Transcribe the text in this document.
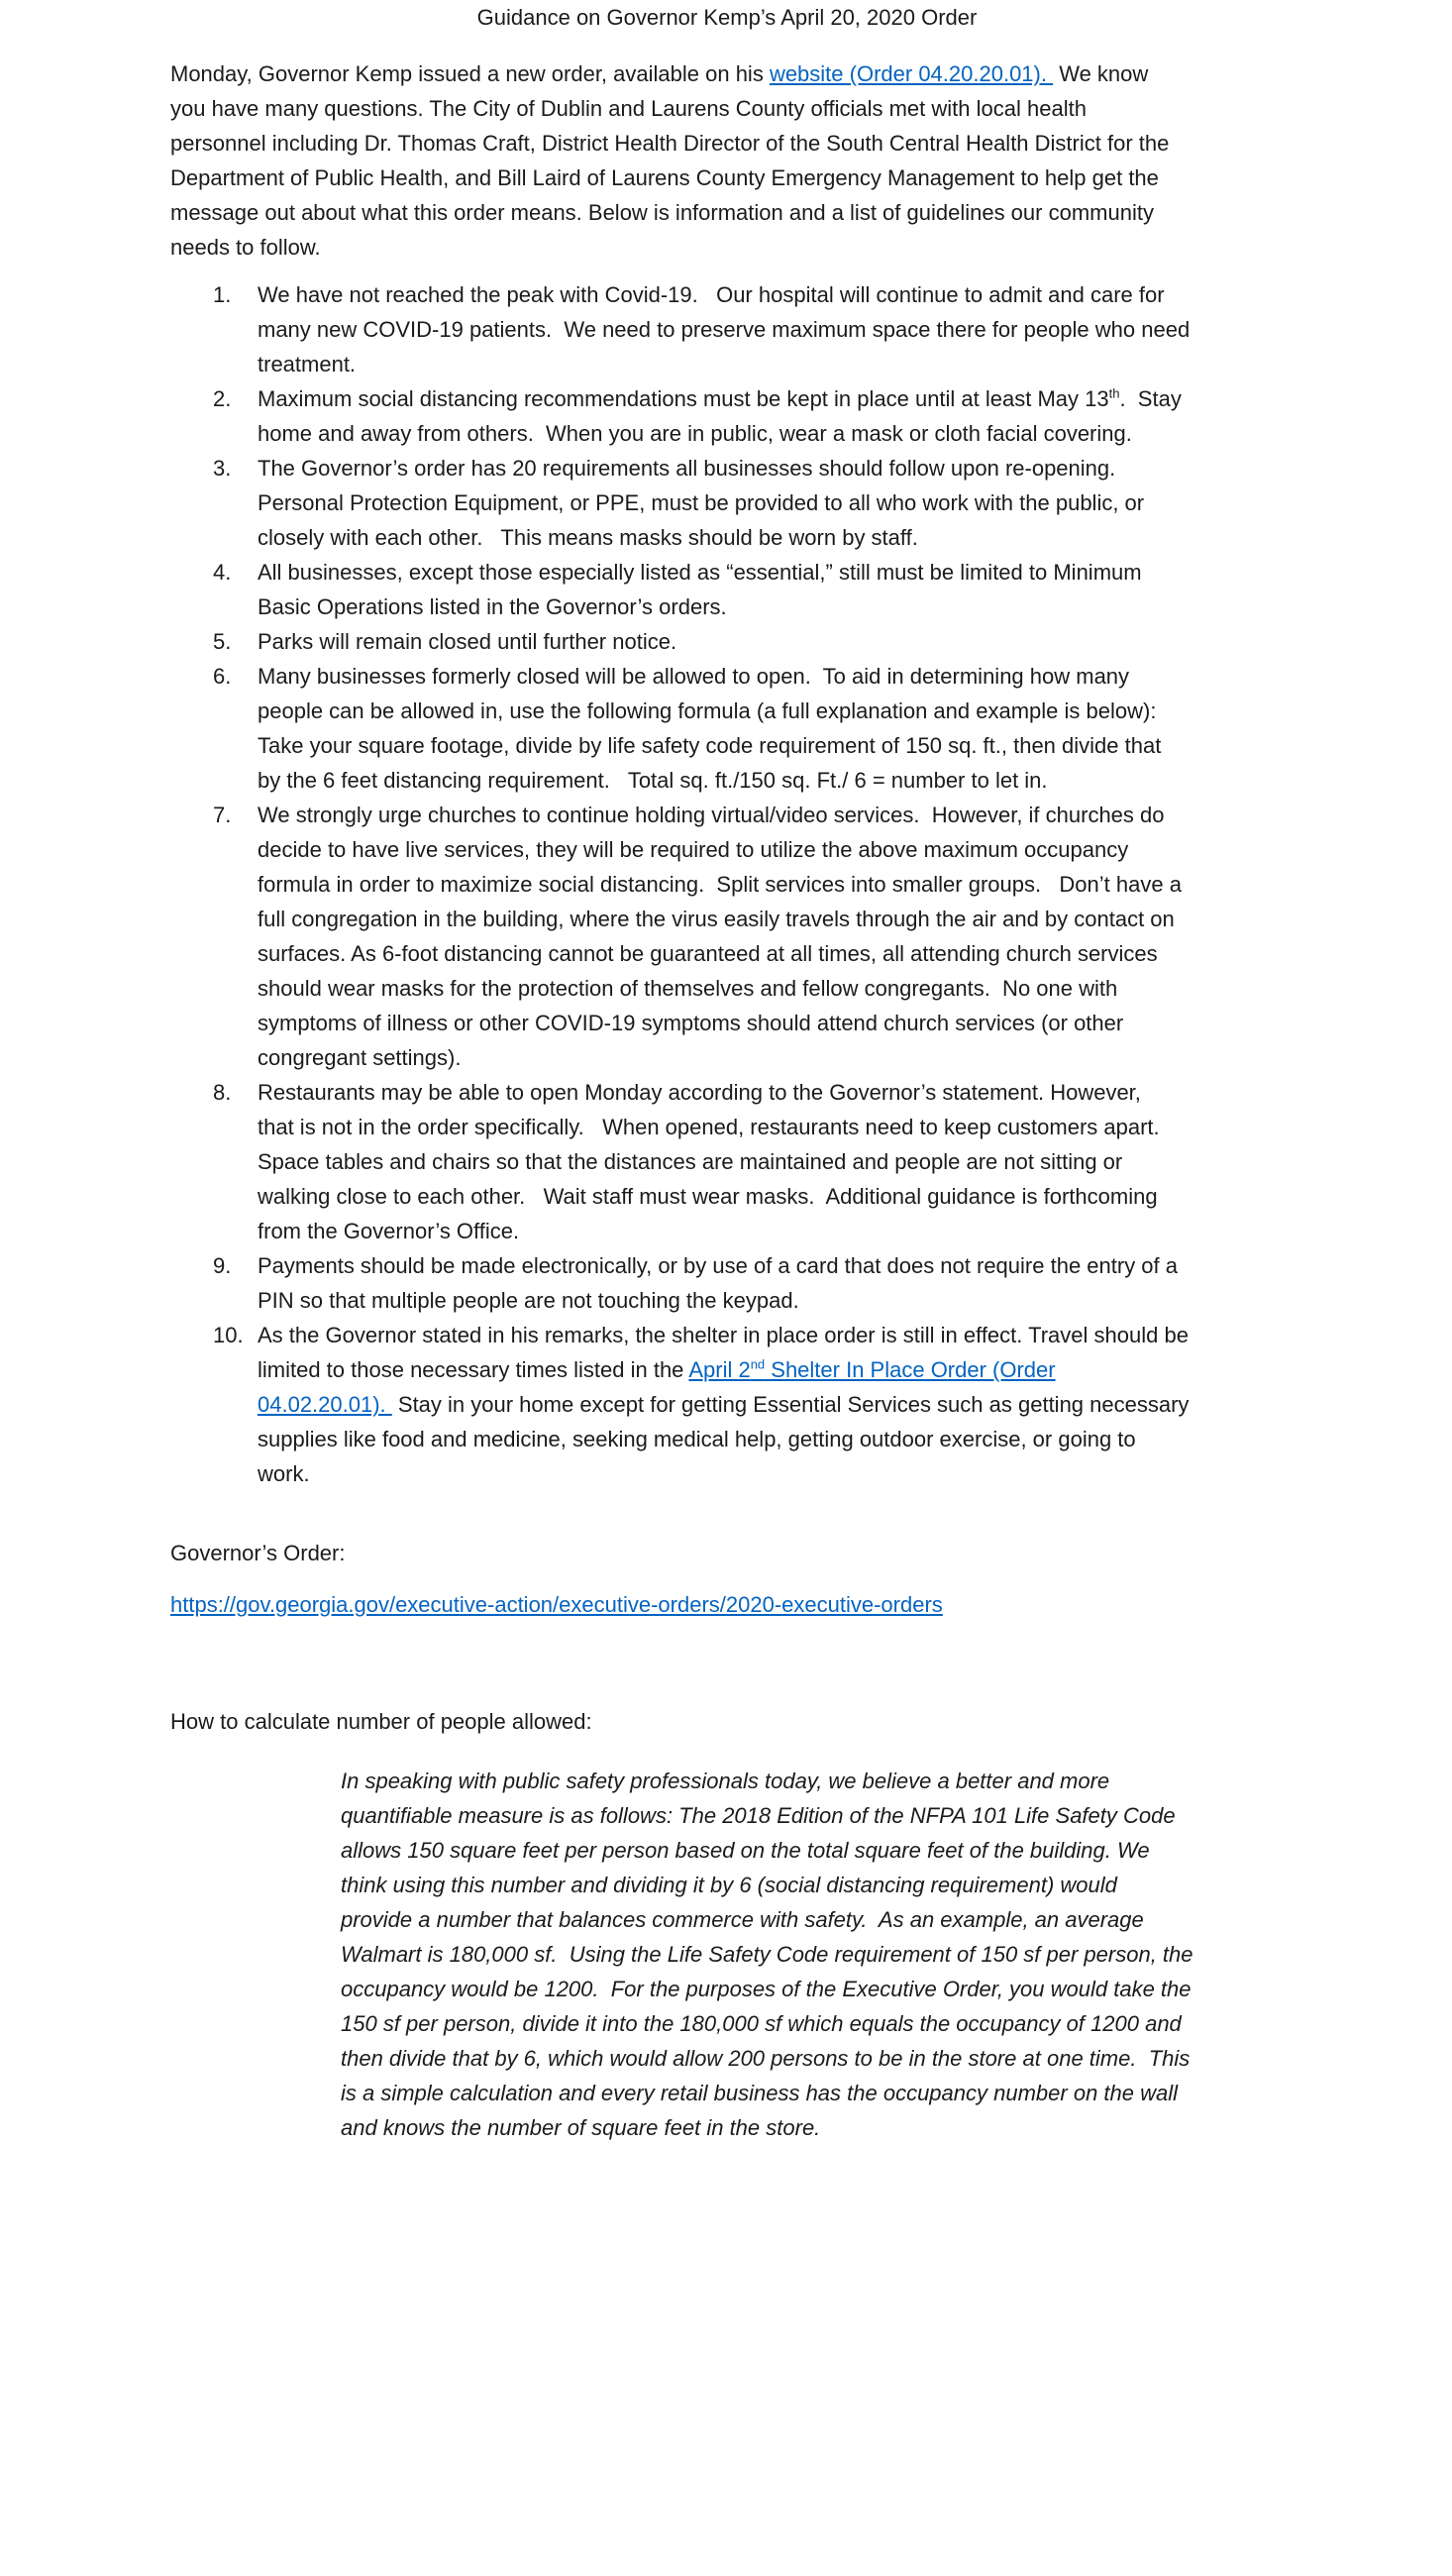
Guidance on Governor Kemp’s April 20, 2020 Order
Monday, Governor Kemp issued a new order, available on his website (Order 04.20.20.01).  We know
you have many questions. The City of Dublin and Laurens County officials met with local health
personnel including Dr. Thomas Craft, District Health Director of the South Central Health District for the
Department of Public Health, and Bill Laird of Laurens County Emergency Management to help get the
message out about what this order means. Below is information and a list of guidelines our community
needs to follow.
1.	We have not reached the peak with Covid-19.   Our hospital will continue to admit and care for
many new COVID-19 patients.  We need to preserve maximum space there for people who need
treatment.
2.	Maximum social distancing recommendations must be kept in place until at least May 13th.  Stay
home and away from others.  When you are in public, wear a mask or cloth facial covering.
3.	The Governor’s order has 20 requirements all businesses should follow upon re-opening.
Personal Protection Equipment, or PPE, must be provided to all who work with the public, or
closely with each other.   This means masks should be worn by staff.
4.	All businesses, except those especially listed as “essential,” still must be limited to Minimum
Basic Operations listed in the Governor’s orders.
5.	Parks will remain closed until further notice.
6.	Many businesses formerly closed will be allowed to open.  To aid in determining how many
people can be allowed in, use the following formula (a full explanation and example is below):
Take your square footage, divide by life safety code requirement of 150 sq. ft., then divide that
by the 6 feet distancing requirement.   Total sq. ft./150 sq. Ft./ 6 = number to let in.
7.	We strongly urge churches to continue holding virtual/video services.  However, if churches do
decide to have live services, they will be required to utilize the above maximum occupancy
formula in order to maximize social distancing.  Split services into smaller groups.   Don’t have a
full congregation in the building, where the virus easily travels through the air and by contact on
surfaces. As 6-foot distancing cannot be guaranteed at all times, all attending church services
should wear masks for the protection of themselves and fellow congregants.  No one with
symptoms of illness or other COVID-19 symptoms should attend church services (or other
congregant settings).
8.	Restaurants may be able to open Monday according to the Governor’s statement. However,
that is not in the order specifically.   When opened, restaurants need to keep customers apart.
Space tables and chairs so that the distances are maintained and people are not sitting or
walking close to each other.   Wait staff must wear masks.  Additional guidance is forthcoming
from the Governor’s Office.
9.	Payments should be made electronically, or by use of a card that does not require the entry of a
PIN so that multiple people are not touching the keypad.
10. As the Governor stated in his remarks, the shelter in place order is still in effect. Travel should be
limited to those necessary times listed in the April 2nd Shelter In Place Order (Order
04.02.20.01).  Stay in your home except for getting Essential Services such as getting necessary
supplies like food and medicine, seeking medical help, getting outdoor exercise, or going to
work.
Governor’s Order:
https://gov.georgia.gov/executive-action/executive-orders/2020-executive-orders
How to calculate number of people allowed:
In speaking with public safety professionals today, we believe a better and more
quantifiable measure is as follows: The 2018 Edition of the NFPA 101 Life Safety Code
allows 150 square feet per person based on the total square feet of the building. We
think using this number and dividing it by 6 (social distancing requirement) would
provide a number that balances commerce with safety.  As an example, an average
Walmart is 180,000 sf.  Using the Life Safety Code requirement of 150 sf per person, the
occupancy would be 1200.  For the purposes of the Executive Order, you would take the
150 sf per person, divide it into the 180,000 sf which equals the occupancy of 1200 and
then divide that by 6, which would allow 200 persons to be in the store at one time.  This
is a simple calculation and every retail business has the occupancy number on the wall
and knows the number of square feet in the store.
